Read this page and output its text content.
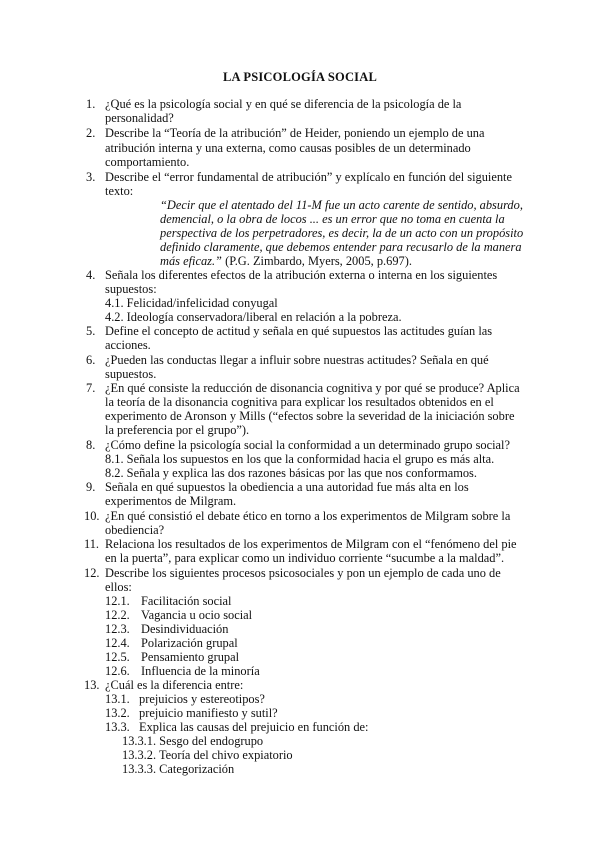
LA PSICOLOGÍA SOCIAL
1. ¿Qué es la psicología social y en qué se diferencia de la psicología de la
personalidad?
2. Describe la “Teoría de la atribución” de Heider, poniendo un ejemplo de una
atribución interna y una externa, como causas posibles de un determinado
comportamiento.
3. Describe el “error fundamental de atribución” y explícalo en función del siguiente
texto:
“Decir que el atentado del 11-M fue un acto carente de sentido, absurdo,
demencial, o la obra de locos ... es un error que no toma en cuenta la
perspectiva de los perpetradores, es decir, la de un acto con un propósito
definido claramente, que debemos entender para recusarlo de la manera
más eficaz.” (P.G. Zimbardo, Myers, 2005, p.697).
4. Señala los diferentes efectos de la atribución externa o interna en los siguientes
supuestos:
4.1. Felicidad/infelicidad conyugal
4.2. Ideología conservadora/liberal en relación a la pobreza.
5. Define el concepto de actitud y señala en qué supuestos las actitudes guían las
acciones.
6. ¿Pueden las conductas llegar a influir sobre nuestras actitudes? Señala en qué
supuestos.
7. ¿En qué consiste la reducción de disonancia cognitiva y por qué se produce? Aplica
la teoría de la disonancia cognitiva para explicar los resultados obtenidos en el
experimento de Aronson y Mills (“efectos sobre la severidad de la iniciación sobre
la preferencia por el grupo”).
8. ¿Cómo define la psicología social la conformidad a un determinado grupo social?
8.1. Señala los supuestos en los que la conformidad hacia el grupo es más alta.
8.2. Señala y explica las dos razones básicas por las que nos conformamos.
9. Señala en qué supuestos la obediencia a una autoridad fue más alta en los
experimentos de Milgram.
10. ¿En qué consistió el debate ético en torno a los experimentos de Milgram sobre la
obediencia?
11. Relaciona los resultados de los experimentos de Milgram con el “fenómeno del pie
en la puerta”, para explicar como un individuo corriente “sucumbe a la maldad”.
12. Describe los siguientes procesos psicosociales y pon un ejemplo de cada uno de
ellos:
12.1. Facilitación social
12.2. Vagancia u ocio social
12.3. Desindividuación
12.4. Polarización grupal
12.5. Pensamiento grupal
12.6. Influencia de la minoría
13. ¿Cuál es la diferencia entre:
13.1. prejuicios y estereotipos?
13.2. prejuicio manifiesto y sutil?
13.3. Explica las causas del prejuicio en función de:
13.3.1. Sesgo del endogrupo
13.3.2. Teoría del chivo expiatorio
13.3.3. Categorización
